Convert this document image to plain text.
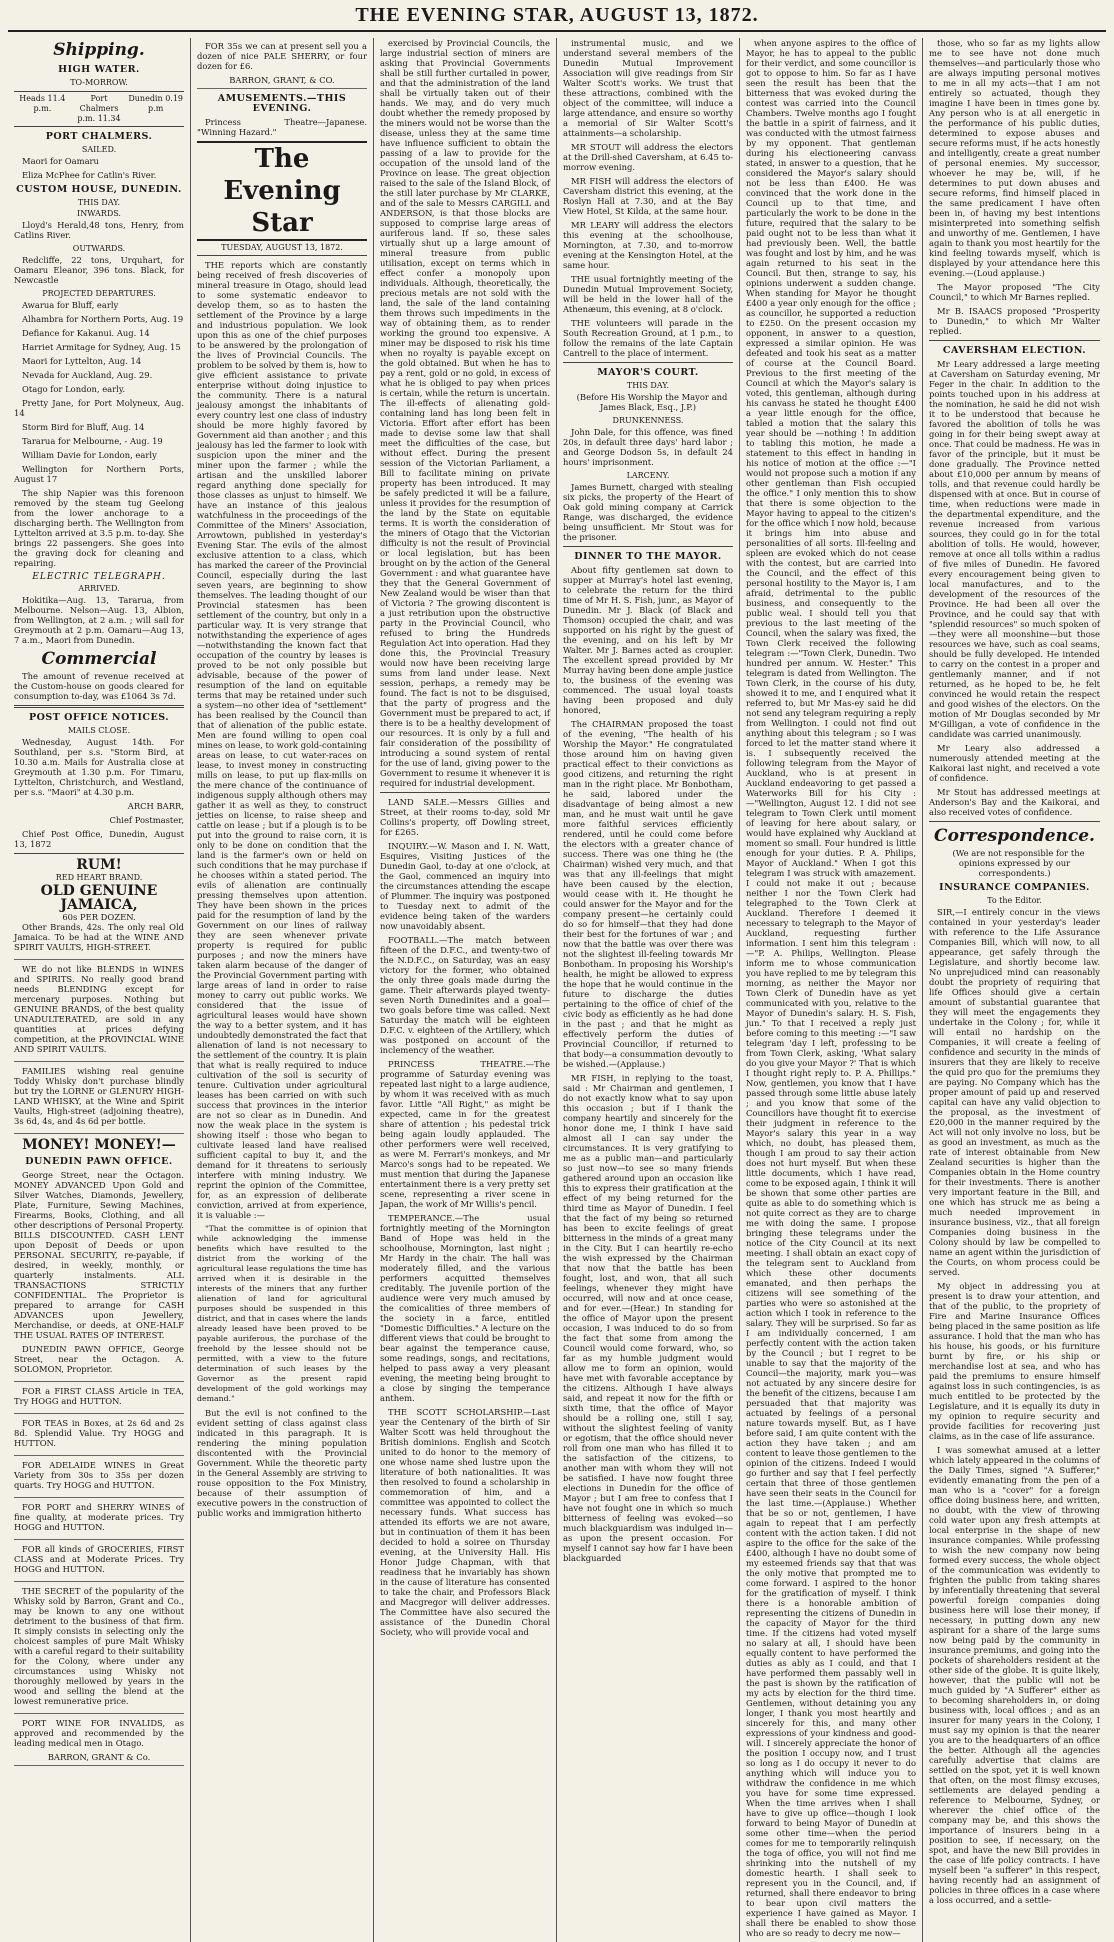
THE EVENING STAR, AUGUST 13, 1872.
Shipping.
HIGH WATER.
TO-MORROW.
Heads 11.4 p.m.
Port Chalmers p.m. 11.34
Dunedin 0.19 p.m
PORT CHALMERS.
SAILED.

Maori for Oamaru

Eliza McPhee for Catlin's River.

CUSTOM HOUSE, DUNEDIN.
THIS DAY.
INWARDS.

Lloyd's Herald,48 tons, Henry, from Catlins River.

OUTWARDS.

Redcliffe, 22 tons, Urquhart, for Oamaru Eleanor, 396 tons. Black, for Newcastle

PROJECTED DEPARTURES.

Awarua for Bluff, early

Alhambra for Northern Ports, Aug. 19

Defiance for Kakanui. Aug. 14

Harriet Armitage for Sydney, Aug. 15

Maori for Lyttelton, Aug. 14

Nevada for Auckland, Aug. 29.

Otago for London, early.

Pretty Jane, for Port Molyneux, Aug. 14

Storm Bird for Bluff, Aug. 14

Tararua for Melbourne, - Aug. 19

William Davie for London, early

Wellington for Northern Ports, August 17

The ship Napier was this forenoon removed by the steam tug Geelong from the lower anchorage to a discharging berth. The Wellington from Lyttelton arrived at 3.5 p.m. to-day. She brings 22 passengers. She goes into the graving dock for cleaning and repairing.

ELECTRIC TELEGRAPH.
ARRIVED.

Hokitika—Aug. 13, Tararua, from Melbourne. Nelson—Aug. 13, Albion, from Wellington, at 2 a.m. ; will sail for Greymouth at 2 p.m. Oamaru—Aug 13, 7 a.m., Maori from Dunedin.

Commercial

The amount of revenue received at the Custom-house on goods cleared for consumption to-day, was £1064 3s 7d.

POST OFFICE NOTICES.
MAILS CLOSE.

Wednesday, August 14th. For Southland, per s.s. "Storm Bird, at 10.30 a.m. Mails for Australia close at Greymouth at 1.30 p.m. For Timaru, Lyttelton, Christchurch, and Westland, per s.s. "Maori" at 4.30 p.m.

ARCH BARR,

Chief Postmaster,

Chief Post Office, Dunedin, August 13, 1872

RUM!
RED HEART BRAND.
OLD GENUINE JAMAICA,
60s PER DOZEN.

Other Brands, 42s. The only real Old Jamaica. To be had at the WINE AND SPIRIT VAULTS, HIGH-STREET.

WE do not like BLENDS in WINES and SPIRITS. No really good brand needs BLENDING except for mercenary purposes. Nothing but GENUINE BRANDS, of the best quality UNADULTERATED, are sold in any quantities at prices defying competition, at the PROVINCIAL WINE AND SPIRIT VAULTS.

FAMILIES wishing real genuine Toddy Whisky don't purchase blindly but try the LORNE or GLENURY HIGH-LAND WHISKY, at the Wine and Spirit Vaults, High-street (adjoining theatre), 3s 6d, 4s, and 4s 6d per bottle.

MONEY! MONEY!—
DUNEDIN PAWN OFFICE.

George Street, near the Octagon. MONEY ADVANCED Upon Gold and Silver Watches, Diamonds, Jewellery, Plate, Furniture, Sewing Machines, Firearms, Books, Clothing, and all other descriptions of Personal Property. BILLS DISCOUNTED. CASH LENT upon Deposit of Deeds or upon PERSONAL SECURITY, re-payable, if desired, in weekly, monthly, or quarterly instalments. ALL TRANSACTIONS STRICTLY CONFIDENTIAL. The Proprietor is prepared to arrange for CASH ADVANCES upon Jewellery, Merchandise, or deeds, at ONE-HALF THE USUAL RATES OF INTEREST.

DUNEDIN PAWN OFFICE, George Street, near the Octagon. A. SOLOMON, Proprietor.

FOR a FIRST CLASS Article in TEA, Try HOGG and HUTTON.

FOR TEAS in Boxes, at 2s 6d and 2s 8d. Splendid Value. Try HOGG and HUTTON.

FOR ADELAIDE WINES in Great Variety from 30s to 35s per dozen quarts. Try HOGG and HUTTON.

FOR PORT and SHERRY WINES of fine quality, at moderate prices. Try HOGG and HUTTON.

FOR all kinds of GROCERIES, FIRST CLASS and at Moderate Prices. Try HOGG and HUTTON.

THE SECRET of the popularity of the Whisky sold by Barron, Grant and Co., may be known to any one without detriment to the business of that firm. It simply consists in selecting only the choicest samples of pure Malt Whisky with a careful regard to their suitability for the Colony, where under any circumstances using Whisky not thoroughly mellowed by years in the wood and selling the blend at the lowest remunerative price.

PORT WINE FOR INVALIDS, as approved and recommended by the leading medical men in Otago.

BARRON, GRANT & Co.

FOR 35s we can at present sell you a dozen of nice PALE SHERRY, or four dozen for £6.

BARRON, GRANT, & CO.
AMUSEMENTS.—THIS EVENING.

Princess Theatre—Japanese. "Winning Hazard."

The Evening Star
TUESDAY, AUGUST 13, 1872.

THE reports which are constantly being received of fresh discoveries of mineral treasure in Otago, should lead to some systematic endeavor to develop them, so as to hasten the settlement of the Province by a large and industrious population. We look upon this as one of the chief purposes to be answered by the prolongation of the lives of Provincial Councils. The problem to be solved by them is, how to give efficient assistance to private enterprise without doing injustice to the community. There is a natural jealousy amongst the inhabitants of every country lest one class of industry should be more highly favored by Government aid than another ; and this jealousy has led the farmer to look with suspicion upon the miner and the miner upon the farmer ; while the artisan and the unskilled laborer regard anything done specially for those classes as unjust to himself. We have an instance of this jealous watchfulness in the proceedings of the Committee of the Miners' Association, Arrowtown, published in yesterday's Evening Star. The evils of the almost exclusive attention to a class, which has marked the career of the Provincial Council, especially during the last seven years, are beginning to show themselves. The leading thought of our Provincial statesmen has been settlement of the country, but only in a particular way. It is very strange that notwithstanding the experience of ages—notwithstanding the known fact that occupation of the country by leases is proved to be not only possible but advisable, because of the power of resumption of the land on equitable terms that may be retained under such a system—no other idea of "settlement" has been realised by the Council than that of alienation of the public estate. Men are found willing to open coal mines on lease, to work gold-containing areas on lease, to cut water-races on lease, to invest money in constructing mills on lease, to put up flax-mills on the mere chance of the continuance of indigenous supply although others may gather it as well as they, to construct jetties on license, to raise sheep and cattle on lease ; but if a plough is to be put into the ground to raise corn, it is only to be done on condition that the land is the farmer's own or held on such conditions that he may purchase if he chooses within a stated period. The evils of alienation are continually pressing themselves upon attention. They have been shown in the prices paid for the resumption of land by the Government on our lines of railway they are seen whenever private property is required for public purposes ; and now the miners have taken alarm because of the danger of the Provincial Government parting with large areas of land in order to raise money to carry out public works. We considered that the issue of agricultural leases would have shown the way to a better system, and it has undoubtedly demonstrated the fact that alienation of land is not necessary to the settlement of the country. It is plain that what is really required to induce cultivation of the soil is security of tenure. Cultivation under agricultural leases has been carried on with such success that provinces in the interior are not so clear as in Dunedin. And now the weak place in the system is showing itself : those who began to cultivate leased land have realised sufficient capital to buy it, and the demand for it threatens to seriously interfere with mining industry. We reprint the opinion of the Committee, for, as an expression of deliberate conviction, arrived at from experience, it is valuable :—

"That the committee is of opinion that while acknowledging the immense benefits which have resulted to the district from the working of the agricultural lease regulations the time has arrived when it is desirable in the interests of the miners that any further alienation of land for agricultural purposes should be suspended in this district, and that in cases where the lands already leased have been proved to be payable auriferous, the purchase of the freehold by the lessee should not be permitted, with a view to the future determination of such leases by the Governor as the present rapid development of the gold workings may demand."

But the evil is not confined to the evident setting of class against class indicated in this paragraph. It is rendering the mining population discontented with the Provincial Government. While the theoretic party in the General Assembly are striving to rouse opposition to the Fox Ministry, because of their assumption of executive powers in the construction of public works and immigration hitherto

exercised by Provincial Councils, the large industrial section of miners are asking that Provincial Governments shall be still further curtailed in power, and that the administration of the land shall be virtually taken out of their hands. We may, and do very much doubt whether the remedy proposed by the miners would not be worse than the disease, unless they at the same time have influence sufficient to obtain the passing of a law to provide for the occupation of the unsold land of the Province on lease. The great objection raised to the sale of the Island Block, of the still later purchase by Mr CLARKE, and of the sale to Messrs CARGILL and ANDERSON, is that those blocks are supposed to comprise large areas of auriferous land. If so, these sales virtually shut up a large amount of mineral treasure from public utilisation, except on terms which in effect confer a monopoly upon individuals. Although, theoretically, the precious metals are not sold with the land, the sale of the land containing them throws such impediments in the way of obtaining them, as to render working the ground too expensive. A miner may be disposed to risk his time when no royalty is payable except on the gold obtained. But when he has to pay a rent, gold or no gold, in excess of what he is obliged to pay when prices is certain, while the return is uncertain. The ill-effects of alienating gold-containing land has long been felt in Victoria. Effort after effort has been made to devise some law that shall meet the difficulties of the case, but without effect. During the present session of the Victorian Parliament, a Bill to facilitate mining on private property has been introduced. It may be safely predicted it will be a failure, unless it provides for the resumption of the land by the State on equitable terms. It is worth the consideration of the miners of Otago that the Victorian difficulty is not the result of Provincial or local legislation, but has been brought on by the action of the General Government : and what guarantee have they that the General Government of New Zealand would be wiser than that of Victoria ? The growing discontent is a just retribution upon the obstructive party in the Provincial Council, who refused to bring the Hundreds Regulation Act into operation. Had they done this, the Provincial Treasury would now have been receiving large sums from land under lease. Next session, perhaps, a remedy may be found. The fact is not to be disguised, that the party of progress and the Government must be prepared to act, if there is to be a healthy development of our resources. It is only by a full and fair consideration of the possibility of introducing a sound system of rental for the use of land, giving power to the Government to resume it whenever it is required for industrial development.

LAND SALE.—Messrs Gillies and Street, at their rooms to-day, sold Mr Collins's property, off Dowling street, for £265.

INQUIRY.—W. Mason and I. N. Watt, Esquires, Visiting Justices of the Dunedin Gaol, to-day at one o'clock, at the Gaol, commenced an inquiry into the circumstances attending the escape of Plummer. The inquiry was postponed to Tuesday next to admit of the evidence being taken of the warders now unavoidably absent.

FOOTBALL.—The match between fifteen of the D.F.C., and twenty-two of the N.D.F.C., on Saturday, was an easy victory for the former, who obtained the only three goals made during the game. Their afterwards played twenty-seven North Dunedinites and a goal—two goals before time was called. Next Saturday the match will be eighteen D.F.C. v. eighteen of the Artillery, which was postponed on account of the inclemency of the weather.

PRINCESS THEATRE.—The programme of Saturday evening was repeated last night to a large audience, by whom it was received with as much favor. Little "All Right," as might be expected, came in for the greatest share of attention ; his pedestal trick being again loudly applauded. The other performers were well received, as were M. Ferrari's monkeys, and Mr Marco's songs had to be repeated. We must mention that during the Japanese entertainment there is a very pretty set scene, representing a river scene in Japan, the work of Mr Willis's pencil.

TEMPERANCE.—The usual fortnightly meeting of the Mornington Band of Hope was held in the schoolhouse, Mornington, last night ; Mr Hardy in the chair. The hall was moderately filled, and the various performers acquitted themselves creditably. The juvenile portion of the audience were very much amused by the comicalities of three members of the society in a farce, entitled "Domestic Difficulties." A lecture on the different views that could be brought to bear against the temperance cause, some readings, songs, and recitations, helped to pass away a very pleasant evening, the meeting being brought to a close by singing the temperance anthem.

THE SCOTT SCHOLARSHIP.—Last year the Centenary of the birth of Sir Walter Scott was held throughout the British dominions. English and Scotch united to do honor to the memory of one whose name shed lustre upon the literature of both nationalities. It was then resolved to found a scholarship in commemoration of him, and a committee was appointed to collect the necessary funds. What success has attended its efforts we are not aware, but in continuation of them it has been decided to hold a soiree on Thursday evening, at the University Hall. His Honor Judge Chapman, with that readiness that he invariably has shown in the cause of literature has consented to take the chair, and Professors Black and Macgregor will deliver addresses. The Committee have also secured the assistance of the Dunedin Choral Society, who will provide vocal and

instrumental music, and we understand several members of the Dunedin Mutual Improvement Association will give readings from Sir Walter Scott's works. We trust that these attractions, combined with the object of the committee, will induce a large attendance, and ensure so worthy a memorial of Sir Walter Scott's attainments—a scholarship.

MR STOUT will address the electors at the Drill-shed Caversham, at 6.45 to-morrow evening.

MR FISH will address the electors of Caversham district this evening, at the Roslyn Hall at 7.30, and at the Bay View Hotel, St Kilda, at the same hour.

MR LEARY will address the electors this evening at the schoolhouse, Mornington, at 7.30, and to-morrow evening at the Kensington Hotel, at the same hour.

THE usual fortnightly meeting of the Dunedin Mutual Improvement Society, will be held in the lower hall of the Athenæum, this evening, at 8 o'clock.

THE volunteers will parade in the South Recreation Ground, at 1 p.m., to follow the remains of the late Captain Cantrell to the place of interment.

MAYOR'S COURT.
THIS DAY.

(Before His Worship the Mayor and James Black, Esq., J.P.)

DRUNKENNESS.

John Dale, for this offence, was fined 20s, in default three days' hard labor ; and George Dodson 5s, in default 24 hours' imprisonment.

LARCENY.

James Burnett, charged with stealing six picks, the property of the Heart of Oak gold mining company at Carrick Range, was discharged, the evidence being unsufficient. Mr Stout was for the prisoner.

DINNER TO THE MAYOR.

About fifty gentlemen sat down to supper at Murray's hotel last evening, to celebrate the return for the third time of Mr H. S. Fish, junr., as Mayor of Dunedin. Mr J. Black (of Black and Thomson) occupied the chair, and was supported on his right by the guest of the evening, and on his left by Mr Walter. Mr J. Barnes acted as croupier. The excellent spread provided by Mr Murray having been done ample justice to, the business of the evening was commenced. The usual loyal toasts having been proposed and duly honored,

The CHAIRMAN proposed the toast of the evening, "The health of his Worship the Mayor." He congratulated those around him on having given practical effect to their convictions as good citizens, and returning the right man in the right place. Mr Bonbotham, he said, labored under the disadvantage of being almost a new man, and he must wait until he gave more faithful services efficiently rendered, until he could come before the electors with a greater chance of success. There was one thing he (the Chairman) wished very much, and that was that any ill-feelings that might have been caused by the election, would cease with it. He thought he could answer for the Mayor and for the company present—he certainly could do so for himself—that they had done their best for the fortunes of war ; and now that the battle was over there was not the slightest ill-feeling towards Mr Bonbotham. In proposing his Worship's health, he might be allowed to express the hope that he would continue in the future to discharge the duties pertaining to the office of chief of the civic body as efficiently as he had done in the past ; and that he might as effectively perform the duties of Provincial Councillor, if returned to that body—a consummation devoutly to be wished.—(Applause.)

MR FISH, in replying to the toast, said : Mr Chairman and gentlemen, I do not exactly know what to say upon this occasion ; but if I thank the company heartily and sincerely for the honor done me, I think I have said almost all I can say under the circumstances. It is very gratifying to me as a public man—and particularly so just now—to see so many friends gathered around upon an occasion like this to express their gratification at the effect of my being returned for the third time as Mayor of Dunedin. I feel that the fact of my being so returned has been to excite feelings of great bitterness in the minds of a great many in the City. But I can heartily re-echo the wish expressed by the Chairman that now that the battle has been fought, lost, and won, that all such feelings, whenever they might have occurred, will now and at once cease, and for ever.—(Hear.) In standing for the office of Mayor upon the present occasion, I was induced to do so from the fact that some from among the Council would come forward, who, so far as my humble judgment would allow me to form an opinion, would have met with favorable acceptance by the citizens. Although I have always said, and repeat it now for the fifth or sixth time, that the office of Mayor should be a rolling one, still I say, without the slightest feeling of vanity or egotism, that the office should never roll from one man who has filled it to the satisfaction of the citizens, to another man with whom they will not be satisfied. I have now fought three elections in Dunedin for the office of Mayor ; but I am free to confess that I have not fought one in which so much bitterness of feeling was evoked—so much blackguardism was indulged in—as upon the present occasion. For myself I cannot say how far I have been blackguarded

when anyone aspires to the office of Mayor, he has to appeal to the public for their verdict, and some councillor is got to oppose to him. So far as I have seen the result has been that the bitterness that was evoked during the contest was carried into the Council Chambers. Twelve months ago I fought the battle in a spirit of fairness, and it was conducted with the utmost fairness by my opponent. That gentleman during his electioneering canvass stated, in answer to a question, that he considered the Mayor's salary should not be less than £400. He was convinced that the work done in the Council up to that time, and particularly the work to be done in the future, required that the salary to be paid ought not to be less than what it had previously been. Well, the battle was fought and lost by him, and he was again returned to his seat in the Council. But then, strange to say, his opinions underwent a sudden change. When standing for Mayor he thought £400 a year only enough for the office ; as councillor, he supported a reduction to £250. On the present occasion my opponent, in answer to a question, expressed a similar opinion. He was defeated and took his seat as a matter of course at the Council Board. Previous to the first meeting of the Council at which the Mayor's salary is voted, this gentleman, although during his canvass he stated he thought £400 a year little enough for the office, tabled a motion that the salary this year should be —nothing ! In addition to tabling this motion, he made a statement to this effect in handing in his notice of motion at the office :—"I would not propose such a motion if any other gentleman than Fish occupied the office." I only mention this to show that there is some objection to the Mayor having to appeal to the citizen's for the office which I now hold, because it brings him into abuse and personalities of all sorts. Ill-feeling and spleen are evoked which do not cease with the contest, but are carried into the Council, and the effect of this personal hostility to the Mayor is, I am afraid, detrimental to the public business, and consequently to the public weal. I should tell you that previous to the last meeting of the Council, when the salary was fixed, the Town Clerk received the following telegram :—"Town Clerk, Dunedin. Two hundred per annum. W. Hester." This telegram is dated from Wellington. The Town Clerk, in the course of his duty, showed it to me, and I enquired what it referred to, but Mr Mas-ey said he did not send any telegram requiring a reply from Wellington. I could not find out anything about this telegram ; so I was forced to let the matter stand where it is. I subsequently received the following telegram from the Mayor of Auckland, who is at present in Auckland endeavoring to get passed a Waterworks Bill for his City :—"Wellington, August 12. I did not see telegram to Town Clerk until moment of leaving for here about salary, or would have explained why Auckland at moment so small. Four hundred is little enough for your duties. P. A. Philips, Mayor of Auckland." When I got this telegram I was struck with amazement. I could not make it out ; because neither I nor the Town Clerk had telegraphed to the Town Clerk at Auckland. Therefore I deemed it necessary to telegraph to the Mayor of Auckland, requesting further information. I sent him this telegram :—"P. A. Philips, Wellington. Please inform me to whose communication you have replied to me by telegram this morning, as neither the Mayor nor Town Clerk of Dunedin have as yet communicated with you, relative to the Mayor of Dunedin's salary. H. S. Fish, jun." To that I received a reply just before coming to this meeting :—"I saw telegram 'day I left, professing to be from Town Clerk, asking, 'What salary do you give your Mayor ?' That is which I thought right reply to. P. A. Phillips." Now, gentlemen, you know that I have passed through some little abuse lately ; and you know that some of the Councillors have thought fit to exercise their judgment in reference to the Mayor's salary this year in a way which, no doubt, has pleased them, though I am proud to say their action does not hurt myself. But when these little documents, which I have read, come to be exposed again, I think it will be shown that some other parties are quite as able to do something which is not quite correct as they are to charge me with doing the same. I propose bringing these telegrams under the notice of the City Council at its next meeting. I shall obtain an exact copy of the telegram sent to Auckland from which these other documents emanated, and then perhaps the citizens will see something of the parties who were so astonished at the action which I took in reference to the salary. They will be surprised. So far as I am individually concerned, I am perfectly content with the action taken by the Council ; but I regret to be unable to say that the majority of the Council—the majority, mark you—was not actuated by any sincere desire for the benefit of the citizens, because I am persuaded that that majority was actuated by feelings of a personal nature towards myself. But, as I have before said, I am quite content with the action they have taken ; and am content to leave those gentlemen to the opinion of the citizens. Indeed I would go further and say that I feel perfectly certain that three of those gentlemen have seen their seats in the Council for the last time.—(Applause.) Whether that be so or not, gentlemen, I have again to repeat that I am perfectly content with the action taken. I did not aspire to the office for the sake of the £400, although I have no doubt some of my esteemed friends say that that was the only motive that prompted me to come forward. I aspired to the honor for the gratification of myself. I think there is a honorable ambition of representing the citizens of Dunedin in the capacity of Mayor for the third time. If the citizens had voted myself no salary at all, I should have been equally content to have performed the duties as ably as I could, and that I have performed them passably well in the past is shown by the ratification of my acts by election for the third time. Gentlemen, without detaining you any longer, I thank you most heartily and sincerely for this, and many other expressions of your kindness and good-will. I sincerely appreciate the honor of the position I occupy now, and I trust so long as I do occupy it never to do anything which will induce you to withdraw the confidence in me which you have for some time expressed. When the time arrives when I shall have to give up office—though I look forward to being Mayor of Dunedin at some other time—when the period comes for me to temporarily relinquish the toga of office, you will not find me shrinking into the nutshell of my domestic hearth. I shall seek to represent you in the Council, and, if returned, shall there endeavor to bring to bear upon civil matters the experience I have gained as Mayor. I shall there be enabled to show those who are so ready to decry me now—

those, who so far as my lights allow me to see have not done much themselves—and particularly those who are always imputing personal motives to me in all my acts—that I am not entirely so actuated, though they imagine I have been in times gone by. Any person who is at all energetic in the performance of his public duties, determined to expose abuses and secure reforms must, if he acts honestly and intelligently, create a great number of personal enemies. My successor, whoever he may be, will, if he determines to put down abuses and secure reforms, find himself placed in the same predicament I have often been in, of having my best intentions misinterpreted into something selfish and unworthy of me. Gentlemen, I have again to thank you most heartily for the kind feeling towards myself, which is displayed by your attendance here this evening.—(Loud applause.)

The Mayor proposed "The City Council," to which Mr Barnes replied.

Mr B. ISAACS proposed "Prosperity to Dunedin," to which Mr Walter replied.

CAVERSHAM ELECTION.

Mr Leary addressed a large meeting at Caversham on Saturday evening, Mr Feger in the chair. In addition to the points touched upon in his address at the nomination, he said he did not wish it to be understood that because he favored the abolition of tolls he was going in for their being swept away at once. That could be madness. He was in favor of the principle, but it must be done gradually. The Province netted about £10,000 per annum by means of tolls, and that revenue could hardly be dispensed with at once. But in course of time, when reductions were made in the departmental expenditure, and the revenue increased from various sources, they could go in for the total abolition of tolls. He would, however, remove at once all tolls within a radius of five miles of Dunedin. He favored every encouragement being given to local manufactures, and to the development of the resources of the Province. He had been all over the Province, and he could say that with "splendid resources" so much spoken of—they were all moonshine—but those resources we have, such as coal seams, should be fully developed. He intended to carry on the contest in a proper and gentlemanly manner, and if not returned, as he hoped to be, he felt convinced he would retain the respect and good wishes of the electors. On the motion of Mr Douglas seconded by Mr M'Gilligan, a vote of confidence in the candidate was carried unanimously.

Mr Leary also addressed a numerously attended meeting at the Kaikorai last night, and received a vote of confidence.

Mr Stout has addressed meetings at Anderson's Bay and the Kaikorai, and also received votes of confidence.

Correspondence.

(We are not responsible for the opinions expressed by our correspondents.)

INSURANCE COMPANIES.
To the Editor.

SIR,—I entirely concur in the views contained in your yesterday's leader with reference to the Life Assurance Companies Bill, which will now, to all appearance, get safely through the Legislature, and shortly become law. No unprejudiced mind can reasonably doubt the propriety of requiring that life Offices should give a certain amount of substantial guarantee that they will meet the engagements they undertake in the Colony ; for, while it will entail no hardship on the Companies, it will create a feeling of confidence and security in the minds of insurers that they are likely to receive the quid pro quo for the premiums they are paying. No Company which has the proper amount of paid up and reserved capital can have any valid objection to the proposal, as the investment of £20,000 in the manner required by the Act will not only involve no loss, but be as good an investment, as much as the rate of interest obtainable from New Zealand securities is higher than the Companies obtain in the Home country for their investments. There is another very important feature in the Bill, and one which has struck me as being a much needed improvement in insurance business, viz., that all foreign Companies doing business in the Colony should by law be compelled to name an agent within the jurisdiction of the Courts, on whom process could be served.

My object in addressing you at present is to draw your attention, and that of the public, to the propriety of Fire and Marine Insurance Offices being placed in the same position as life assurance. I hold that the man who has his house, his goods, or his furniture burnt by fire, or his ship or merchandise lost at sea, and who has paid the premiums to ensure himself against loss in such contingencies, is as much entitled to be protected by the Legislature, and it is equally its duty in my opinion to require security and provide facilities for recovering just claims, as in the case of life assurance.

I was somewhat amused at a letter which lately appeared in the columns of the Daily Times, signed "A Sufferer," evidently emanating from the pen of a man who is a "cover" for a foreign office doing business here, and written, no doubt, with the view of throwing cold water upon any fresh attempts at local enterprise in the shape of new insurance companies. While professing to wish the new company now being formed every success, the whole object of the communication was evidently to frighten the public from taking shares by inferentially threatening that several powerful foreign companies doing business here will lose their money, if necessary, in putting down any new aspirant for a share of the large sums now being paid by the community in insurance premiums, and going into the pockets of shareholders resident at the other side of the globe. It is quite likely, however, that the public will not be much guided by "A Sufferer" either as to becoming shareholders in, or doing business with, local offices ; and as an insurer for many years in the Colony, I must say my opinion is that the nearer you are to the headquarters of an office the better. Although all the agencies carefully advertise that claims are settled on the spot, yet it is well known that often, on the most flimsy excuses, settlements are delayed pending a reference to Melbourne, Sydney, or wherever the chief office of the company may be, and this shows the importance of insurers being in a position to see, if necessary, on the spot, and have the new Bill provides in the case of life policy contracts. I have myself been "a sufferer" in this respect, having recently had an assignment of policies in three offices in a case where a loss occurred, and a settle-
